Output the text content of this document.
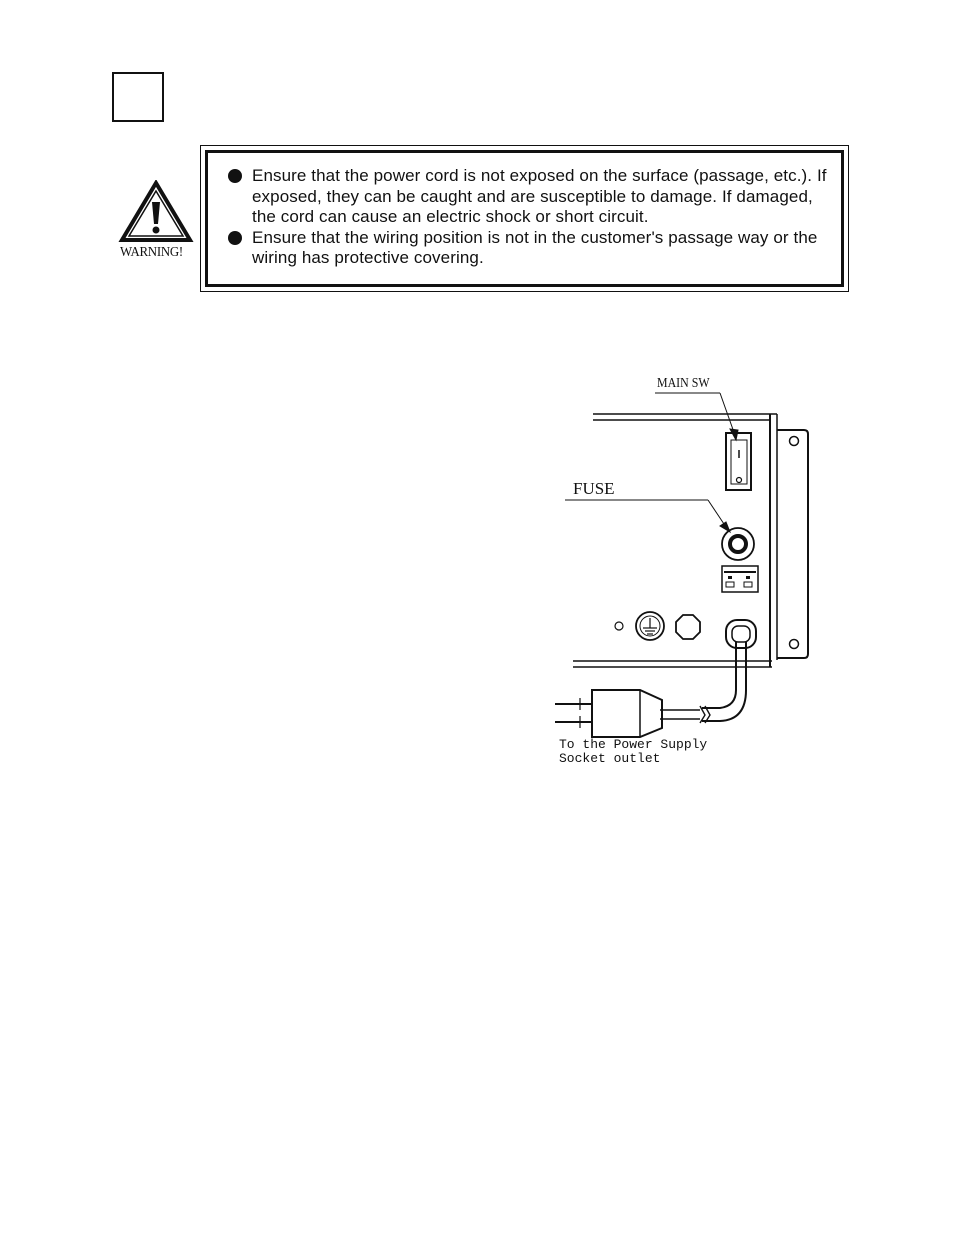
WARNING!
Ensure that the power cord is not exposed on the surface (passage, etc.). If exposed, they can be caught and are susceptible to damage. If damaged, the cord can cause an electric shock or short circuit.
Ensure that the wiring position is not in the customer's passage way or the wiring has protective covering.
MAIN SW
FUSE
To the Power Supply
Socket outlet
